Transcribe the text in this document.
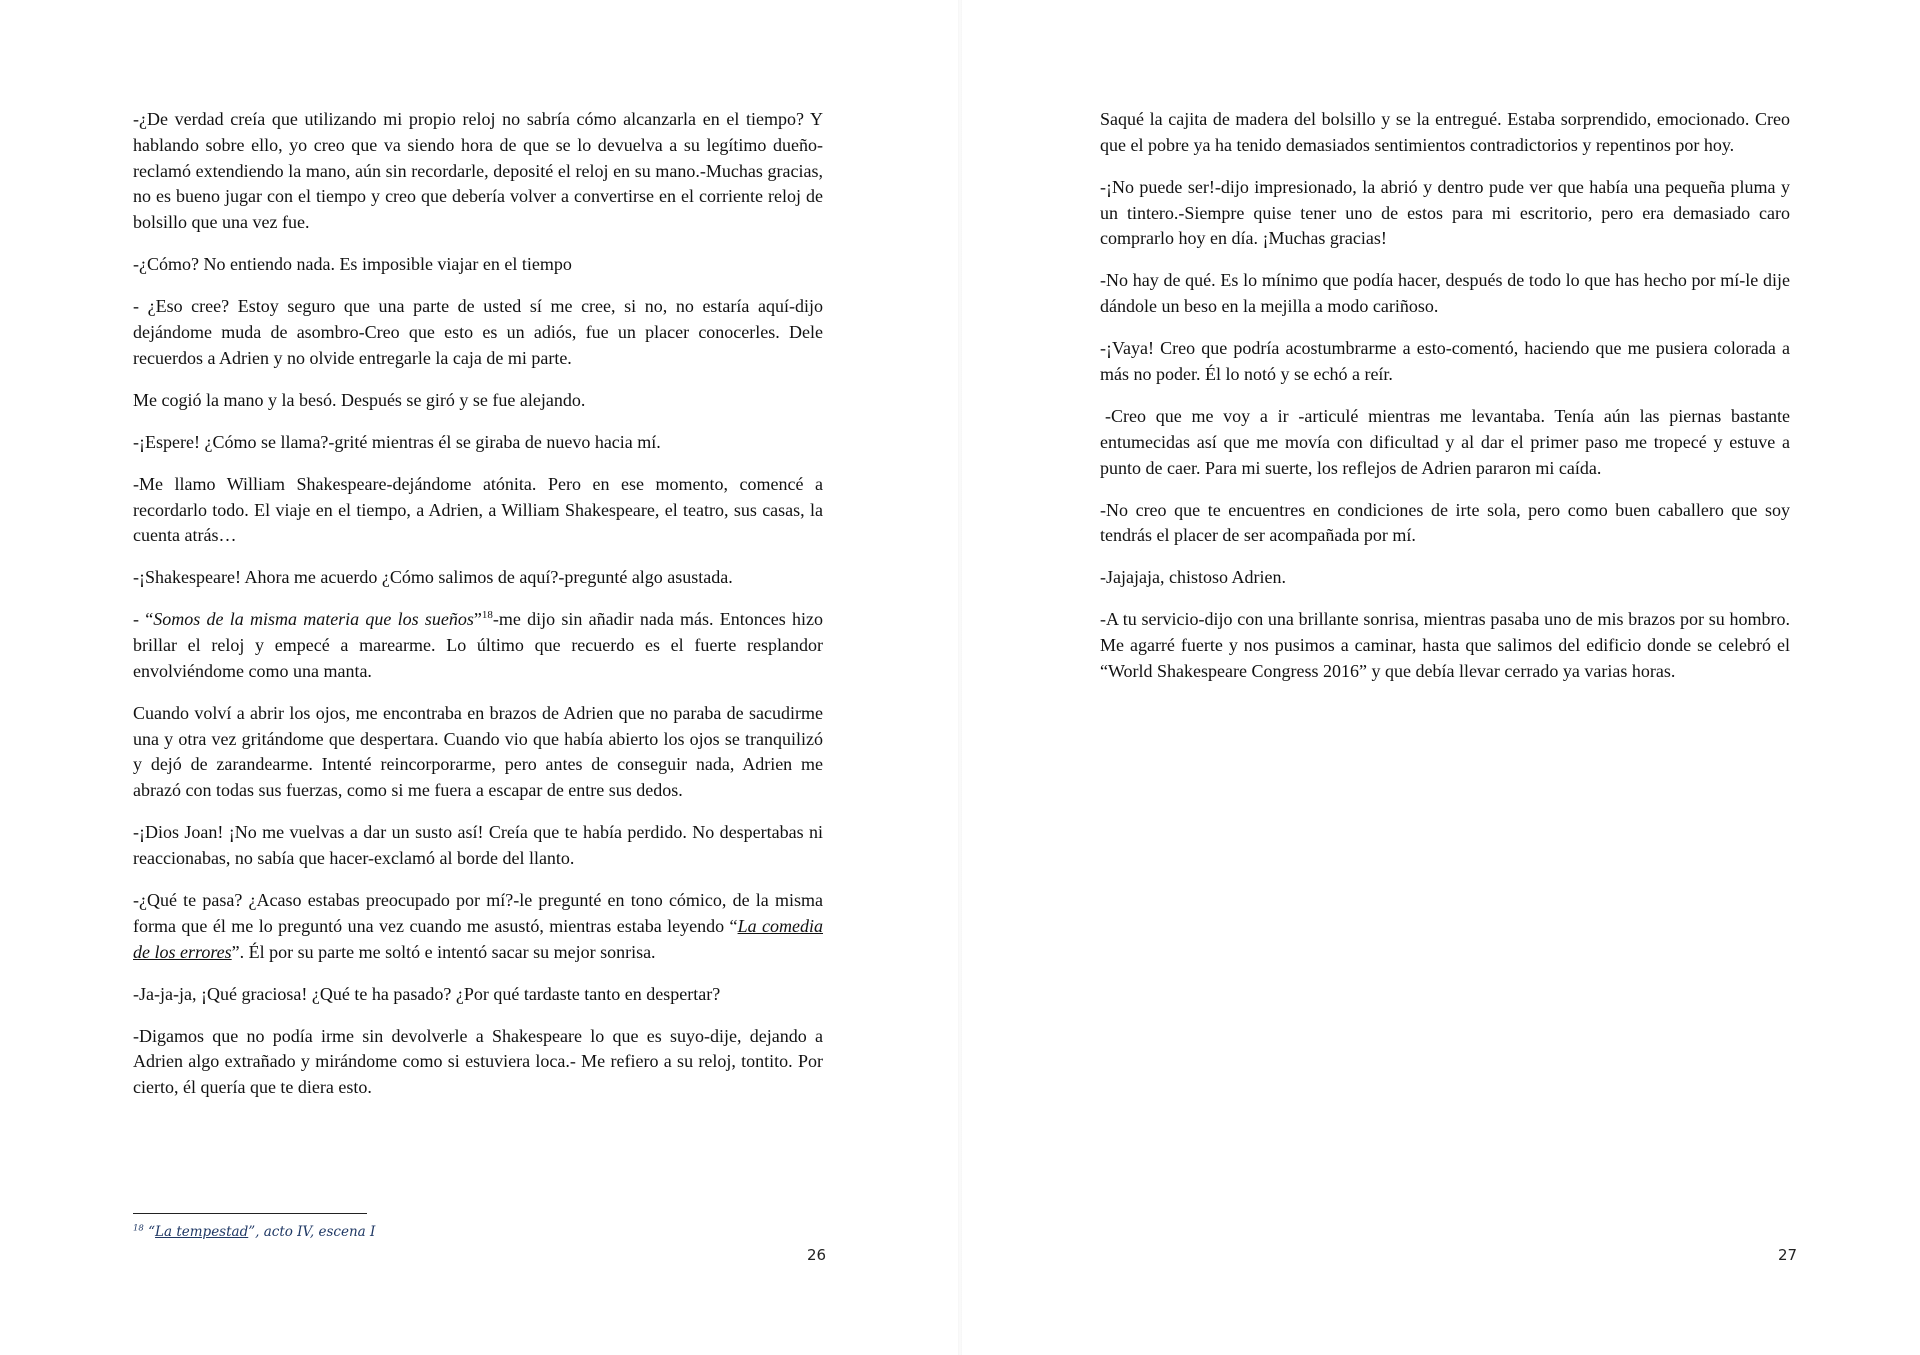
-¿De verdad creía que utilizando mi propio reloj no sabría cómo alcanzarla en el tiempo? Y hablando sobre ello, yo creo que va siendo hora de que se lo devuelva a su legítimo dueño-reclamó extendiendo la mano, aún sin recordarle, deposité el reloj en su mano.-Muchas gracias, no es bueno jugar con el tiempo y creo que debería volver a convertirse en el corriente reloj de bolsillo que una vez fue.

-¿Cómo? No entiendo nada. Es imposible viajar en el tiempo

- ¿Eso cree? Estoy seguro que una parte de usted sí me cree, si no, no estaría aquí-dijo dejándome muda de asombro-Creo que esto es un adiós, fue un placer conocerles. Dele recuerdos a Adrien y no olvide entregarle la caja de mi parte.

Me cogió la mano y la besó. Después se giró y se fue alejando.

-¡Espere! ¿Cómo se llama?-grité mientras él se giraba de nuevo hacia mí.

-Me llamo William Shakespeare-dejándome atónita. Pero en ese momento, comencé a recordarlo todo. El viaje en el tiempo, a Adrien, a William Shakespeare, el teatro, sus casas, la cuenta atrás…

-¡Shakespeare! Ahora me acuerdo ¿Cómo salimos de aquí?-pregunté algo asustada.

- “Somos de la misma materia que los sueños”$^{18}$-me dijo sin añadir nada más. Entonces hizo brillar el reloj y empecé a marearme. Lo último que recuerdo es el fuerte resplandor envolviéndome como una manta.

Cuando volví a abrir los ojos, me encontraba en brazos de Adrien que no paraba de sacudirme una y otra vez gritándome que despertara. Cuando vio que había abierto los ojos se tranquilizó y dejó de zarandearme. Intenté reincorporarme, pero antes de conseguir nada, Adrien me abrazó con todas sus fuerzas, como si me fuera a escapar de entre sus dedos.

-¡Dios Joan! ¡No me vuelvas a dar un susto así! Creía que te había perdido. No despertabas ni reaccionabas, no sabía que hacer-exclamó al borde del llanto.

-¿Qué te pasa? ¿Acaso estabas preocupado por mí?-le pregunté en tono cómico, de la misma forma que él me lo preguntó una vez cuando me asustó, mientras estaba leyendo “La comedia de los errores”. Él por su parte me soltó e intentó sacar su mejor sonrisa.

-Ja-ja-ja, ¡Qué graciosa! ¿Qué te ha pasado? ¿Por qué tardaste tanto en despertar?

-Digamos que no podía irme sin devolverle a Shakespeare lo que es suyo-dije, dejando a Adrien algo extrañado y mirándome como si estuviera loca.- Me refiero a su reloj, tontito. Por cierto, él quería que te diera esto.

$^{18}$ “La tempestad”, acto IV, escena I
26

Saqué la cajita de madera del bolsillo y se la entregué. Estaba sorprendido, emocionado. Creo que el pobre ya ha tenido demasiados sentimientos contradictorios y repentinos por hoy.

-¡No puede ser!-dijo impresionado, la abrió y dentro pude ver que había una pequeña pluma y un tintero.-Siempre quise tener uno de estos para mi escritorio, pero era demasiado caro comprarlo hoy en día. ¡Muchas gracias!

-No hay de qué. Es lo mínimo que podía hacer, después de todo lo que has hecho por mí-le dije dándole un beso en la mejilla a modo cariñoso.

-¡Vaya! Creo que podría acostumbrarme a esto-comentó, haciendo que me pusiera colorada a más no poder. Él lo notó y se echó a reír.

-Creo que me voy a ir -articulé mientras me levantaba. Tenía aún las piernas bastante entumecidas así que me movía con dificultad y al dar el primer paso me tropecé y estuve a punto de caer. Para mi suerte, los reflejos de Adrien pararon mi caída.

-No creo que te encuentres en condiciones de irte sola, pero como buen caballero que soy tendrás el placer de ser acompañada por mí.

-Jajajaja, chistoso Adrien.

-A tu servicio-dijo con una brillante sonrisa, mientras pasaba uno de mis brazos por su hombro. Me agarré fuerte y nos pusimos a caminar, hasta que salimos del edificio donde se celebró el “World Shakespeare Congress 2016” y que debía llevar cerrado ya varias horas.

27
